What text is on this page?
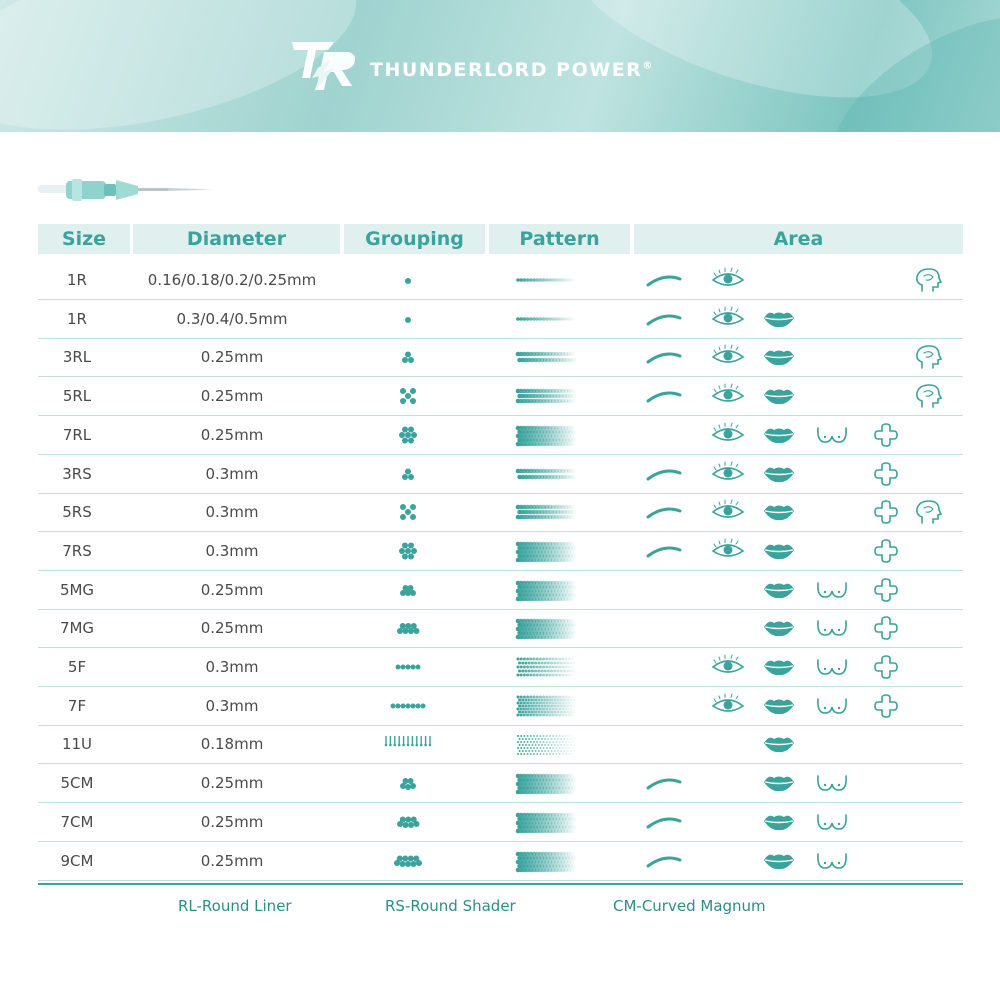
THUNDERLORD POWER®
Size	Diameter	Grouping	Pattern	Area
1R	0.16/0.18/0.2/0.25mm
1R	0.3/0.4/0.5mm
3RL	0.25mm
5RL	0.25mm
7RL	0.25mm
3RS	0.3mm
5RS	0.3mm
7RS	0.3mm
5MG	0.25mm
7MG	0.25mm
5F	0.3mm
7F	0.3mm
11U	0.18mm
5CM	0.25mm
7CM	0.25mm
9CM	0.25mm
RL-Round Liner	RS-Round Shader	CM-Curved Magnum
